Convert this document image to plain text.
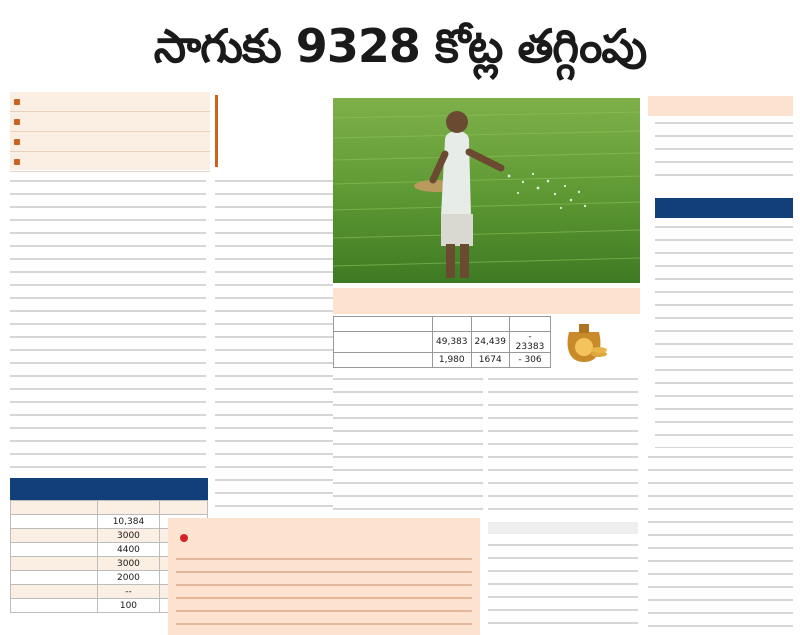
సాగుకు 9328 కోట్ల తగ్గింపు

	49,383	24,439	- 23383
	1,980	1674	- 306

	10,384	
	3000	
	4400	
	3000	
	2000	
	--	
	100	
